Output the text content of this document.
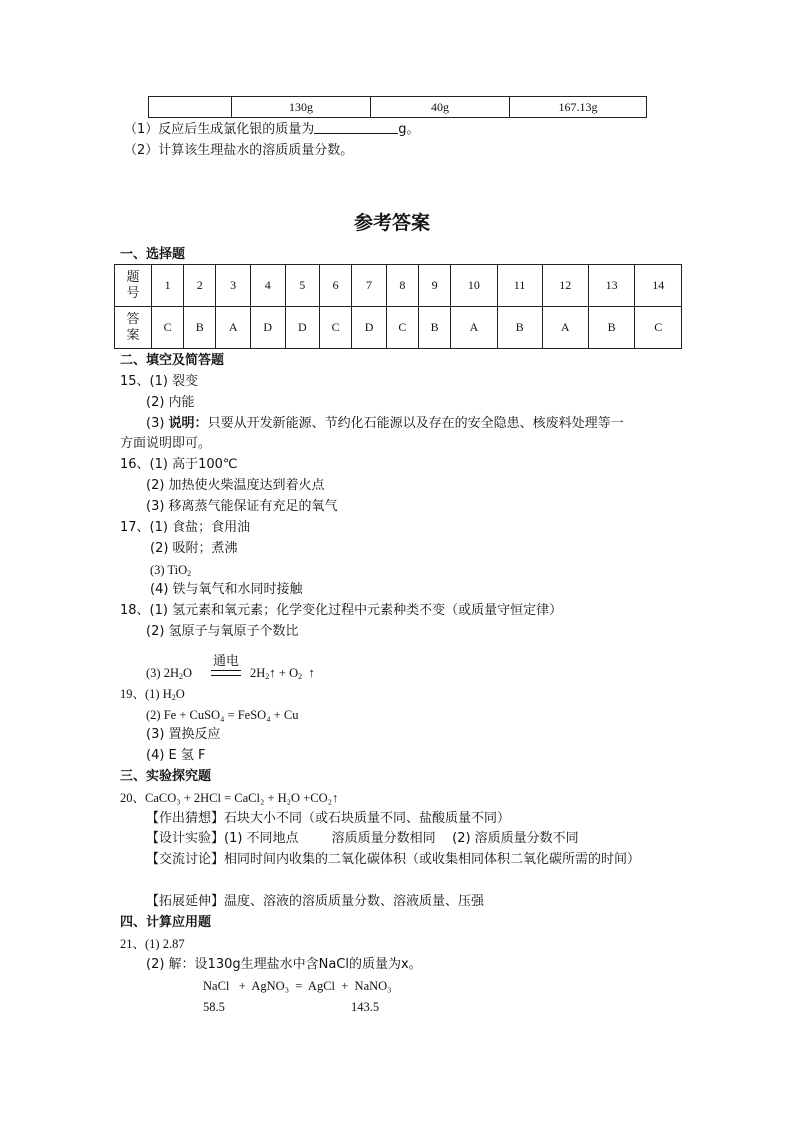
	130g	40g	167.13g
（1）反应后生成氯化银的质量为	g。
（2）计算该生理盐水的溶质质量分数。
参考答案
一、选择题
题
号	1	2	3	4	5	6	7	8	9	10	11	12	13	14
答
案	C	B	A	D	D	C	D	C	B	A	B	A	B	C
二、填空及简答题
15、(1) 裂变
(2) 内能
(3) 说明：只要从开发新能源、节约化石能源以及存在的安全隐患、核废料处理等一
方面说明即可。
16、(1) 高于100℃
(2) 加热使火柴温度达到着火点
(3) 移离蒸气能保证有充足的氧气
17、(1) 食盐；食用油
(2) 吸附；煮沸
(3) TiO$_2$
(4) 铁与氧气和水同时接触
18、(1) 氢元素和氧元素；化学变化过程中元素种类不变（或质量守恒定律）
(2) 氢原子与氧原子个数比
(3) $2H_2O$
通电
$2H_2↑ + O_2$ ↑
19、(1) $H_2O$
(2) Fe + CuSO₄ = FeSO₄ + Cu
(3) 置换反应
(4) E 氢 F
三、实验探究题
20、CaCO₃ + 2HCl = CaCl₂ + H₂O +CO₂↑
【作出猜想】石块大小不同（或石块质量不同、盐酸质量不同）
【设计实验】(1) 不同地点        溶质质量分数相同    (2) 溶质质量分数不同
【交流讨论】相同时间内收集的二氧化碳体积（或收集相同体积二氧化碳所需的时间）
【拓展延伸】温度、溶液的溶质质量分数、溶液质量、压强
四、计算应用题
21、(1) 2.87
(2) 解：设130g生理盐水中含NaCl的质量为x。
NaCl   +  AgNO₃  =  AgCl  +  NaNO₃
58.5	143.5
